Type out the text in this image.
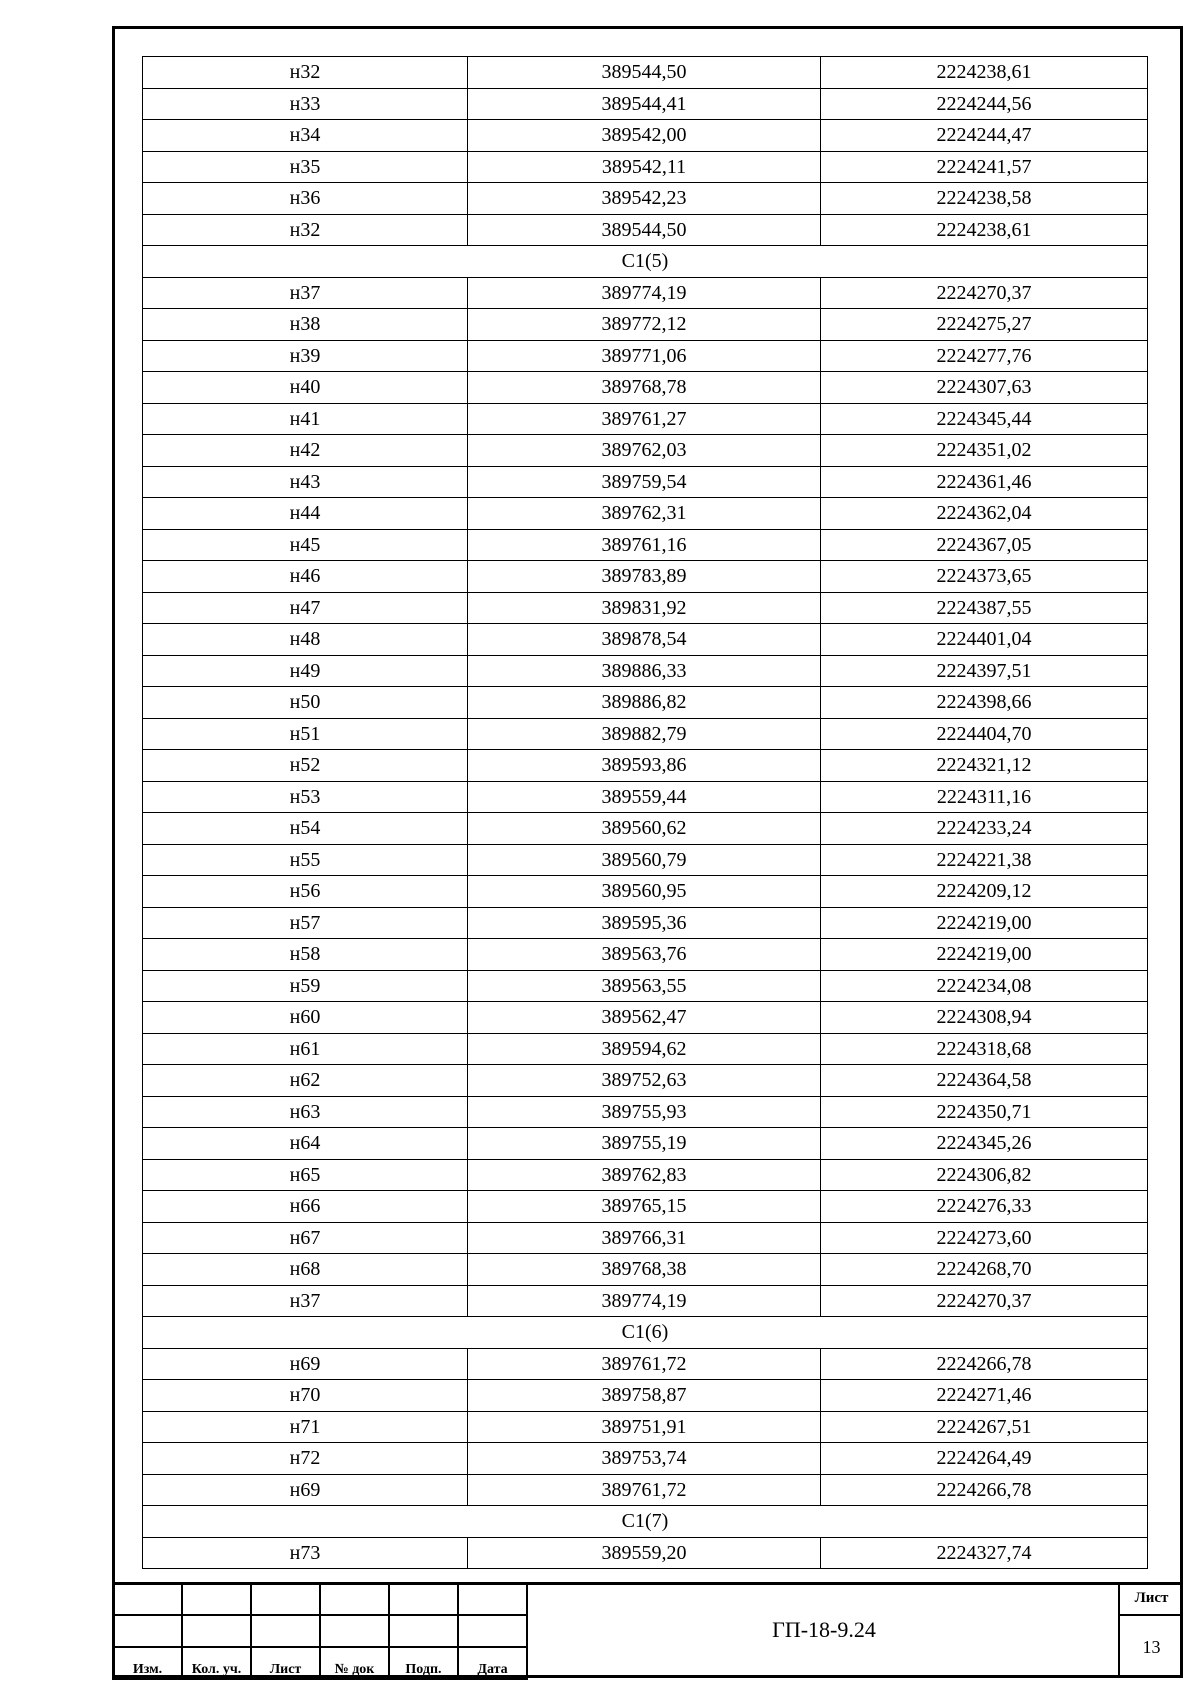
н32	389544,50	2224238,61
н33	389544,41	2224244,56
н34	389542,00	2224244,47
н35	389542,11	2224241,57
н36	389542,23	2224238,58
н32	389544,50	2224238,61
С1(5)		
н37	389774,19	2224270,37
н38	389772,12	2224275,27
н39	389771,06	2224277,76
н40	389768,78	2224307,63
н41	389761,27	2224345,44
н42	389762,03	2224351,02
н43	389759,54	2224361,46
н44	389762,31	2224362,04
н45	389761,16	2224367,05
н46	389783,89	2224373,65
н47	389831,92	2224387,55
н48	389878,54	2224401,04
н49	389886,33	2224397,51
н50	389886,82	2224398,66
н51	389882,79	2224404,70
н52	389593,86	2224321,12
н53	389559,44	2224311,16
н54	389560,62	2224233,24
н55	389560,79	2224221,38
н56	389560,95	2224209,12
н57	389595,36	2224219,00
н58	389563,76	2224219,00
н59	389563,55	2224234,08
н60	389562,47	2224308,94
н61	389594,62	2224318,68
н62	389752,63	2224364,58
н63	389755,93	2224350,71
н64	389755,19	2224345,26
н65	389762,83	2224306,82
н66	389765,15	2224276,33
н67	389766,31	2224273,60
н68	389768,38	2224268,70
н37	389774,19	2224270,37
С1(6)		
н69	389761,72	2224266,78
н70	389758,87	2224271,46
н71	389751,91	2224267,51
н72	389753,74	2224264,49
н69	389761,72	2224266,78
С1(7)		
н73	389559,20	2224327,74

Изм.	Кол. уч.	Лист	№ док	Подп.	Дата
ГП-18-9.24
Лист
13
